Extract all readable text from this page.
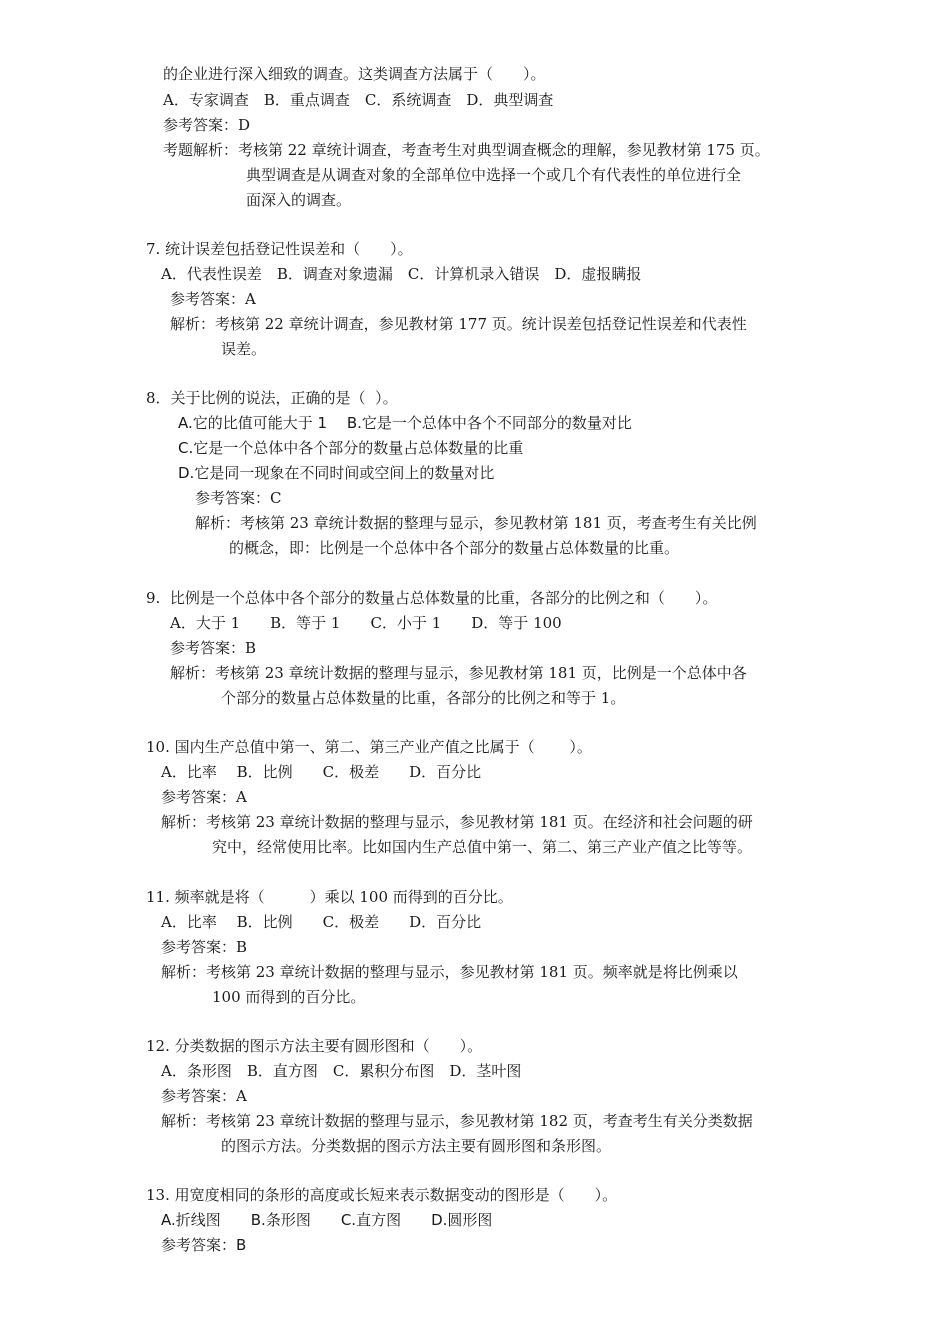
的企业进行深入细致的调查。这类调查方法属于（　　）。
A．专家调查　B．重点调查　C．系统调查　D．典型调查
参考答案：D
考题解析：考核第 22 章统计调查，考查考生对典型调查概念的理解，参见教材第 175 页。
典型调查是从调查对象的全部单位中选择一个或几个有代表性的单位进行全
面深入的调查。
7. 统计误差包括登记性误差和（　　）。
A．代表性误差　B．调查对象遗漏　C．计算机录入错误　D．虚报瞒报
参考答案：A
解析：考核第 22 章统计调查，参见教材第 177 页。统计误差包括登记性误差和代表性
误差。
8．关于比例的说法，正确的是（  ）。
A.它的比值可能大于 1　 B.它是一个总体中各个不同部分的数量对比
C.它是一个总体中各个部分的数量占总体数量的比重
D.它是同一现象在不同时间或空间上的数量对比
参考答案：C
解析：考核第 23 章统计数据的整理与显示，参见教材第 181 页，考查考生有关比例
的概念，即：比例是一个总体中各个部分的数量占总体数量的比重。
9.  比例是一个总体中各个部分的数量占总体数量的比重，各部分的比例之和（　　）。
A．大于 1　　B．等于 1　　C．小于 1　　D．等于 100
参考答案：B
解析：考核第 23 章统计数据的整理与显示，参见教材第 181 页，比例是一个总体中各
个部分的数量占总体数量的比重，各部分的比例之和等于 1。
10. 国内生产总值中第一、第二、第三产业产值之比属于（　　 ）。
A．比率　 B．比例　　C．极差　　D．百分比
参考答案：A
解析：考核第 23 章统计数据的整理与显示，参见教材第 181 页。在经济和社会问题的研
究中，经常使用比率。比如国内生产总值中第一、第二、第三产业产值之比等等。
11. 频率就是将（　　　）乘以 100 而得到的百分比。
A．比率　 B．比例　　C．极差　　D．百分比
参考答案：B
解析：考核第 23 章统计数据的整理与显示，参见教材第 181 页。频率就是将比例乘以
100 而得到的百分比。
12. 分类数据的图示方法主要有圆形图和（　　）。
A．条形图　B．直方图　C．累积分布图　D．茎叶图
参考答案：A
解析：考核第 23 章统计数据的整理与显示，参见教材第 182 页，考查考生有关分类数据
的图示方法。分类数据的图示方法主要有圆形图和条形图。
13. 用宽度相同的条形的高度或长短来表示数据变动的图形是（　　）。
A.折线图　　B.条形图　　C.直方图　　D.圆形图
参考答案：B
